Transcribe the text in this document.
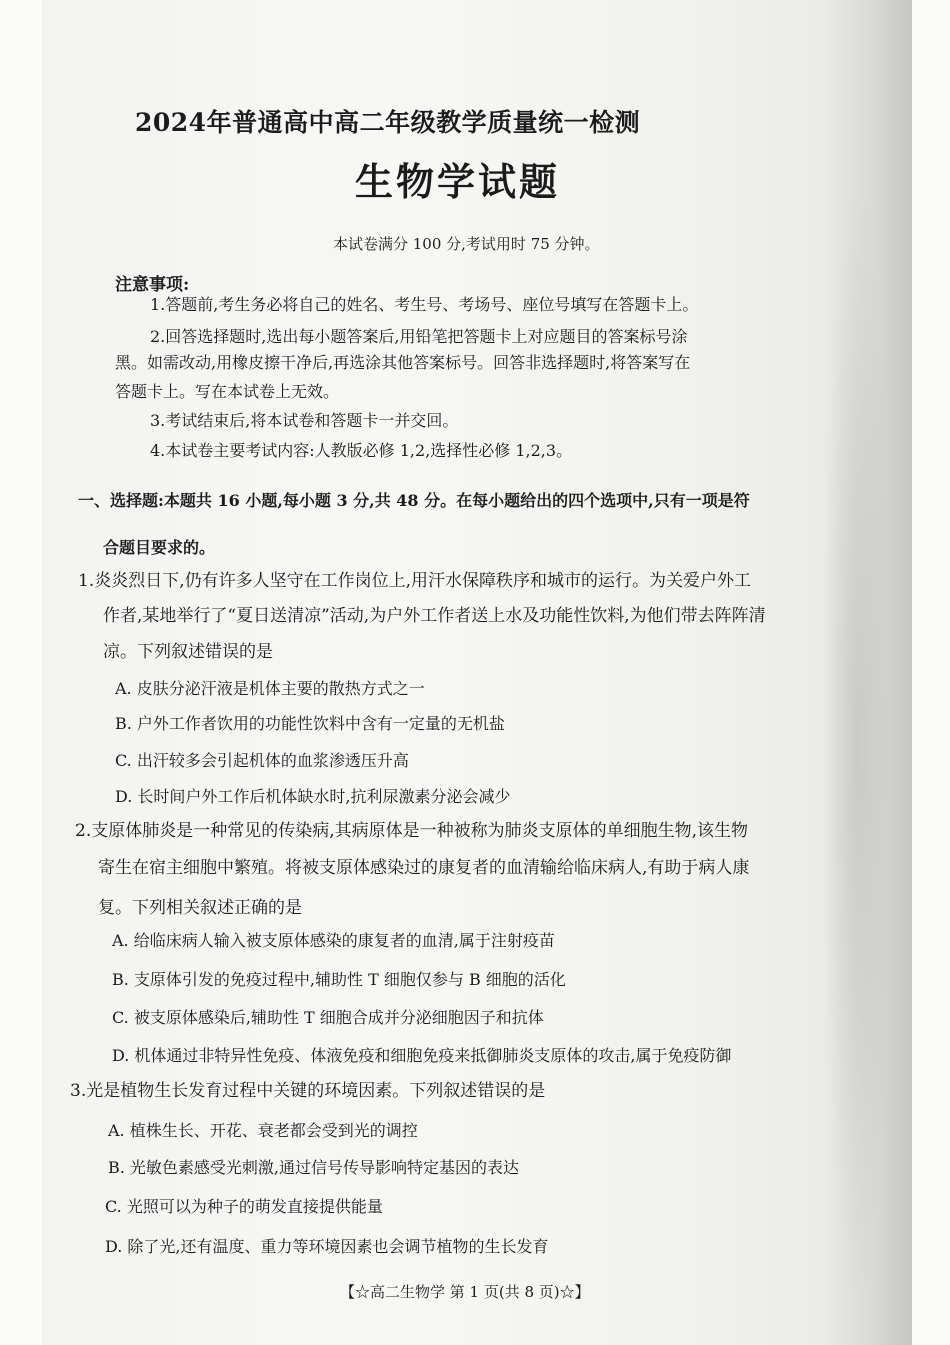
2024年普通高中高二年级教学质量统一检测
生物学试题
本试卷满分 100 分,考试用时 75 分钟。
注意事项:
1.答题前,考生务必将自己的姓名、考生号、考场号、座位号填写在答题卡上。
2.回答选择题时,选出每小题答案后,用铅笔把答题卡上对应题目的答案标号涂
黑。如需改动,用橡皮擦干净后,再选涂其他答案标号。回答非选择题时,将答案写在
答题卡上。写在本试卷上无效。
3.考试结束后,将本试卷和答题卡一并交回。
4.本试卷主要考试内容:人教版必修 1,2,选择性必修 1,2,3。
一、选择题:本题共 16 小题,每小题 3 分,共 48 分。在每小题给出的四个选项中,只有一项是符
合题目要求的。
1.炎炎烈日下,仍有许多人坚守在工作岗位上,用汗水保障秩序和城市的运行。为关爱户外工
作者,某地举行了“夏日送清凉”活动,为户外工作者送上水及功能性饮料,为他们带去阵阵清
凉。下列叙述错误的是
A. 皮肤分泌汗液是机体主要的散热方式之一
B. 户外工作者饮用的功能性饮料中含有一定量的无机盐
C. 出汗较多会引起机体的血浆渗透压升高
D. 长时间户外工作后机体缺水时,抗利尿激素分泌会减少
2.支原体肺炎是一种常见的传染病,其病原体是一种被称为肺炎支原体的单细胞生物,该生物
寄生在宿主细胞中繁殖。将被支原体感染过的康复者的血清输给临床病人,有助于病人康
复。下列相关叙述正确的是
A. 给临床病人输入被支原体感染的康复者的血清,属于注射疫苗
B. 支原体引发的免疫过程中,辅助性 T 细胞仅参与 B 细胞的活化
C. 被支原体感染后,辅助性 T 细胞合成并分泌细胞因子和抗体
D. 机体通过非特异性免疫、体液免疫和细胞免疫来抵御肺炎支原体的攻击,属于免疫防御
3.光是植物生长发育过程中关键的环境因素。下列叙述错误的是
A. 植株生长、开花、衰老都会受到光的调控
B. 光敏色素感受光刺激,通过信号传导影响特定基因的表达
C. 光照可以为种子的萌发直接提供能量
D. 除了光,还有温度、重力等环境因素也会调节植物的生长发育
【☆高二生物学 第 1 页(共 8 页)☆】
